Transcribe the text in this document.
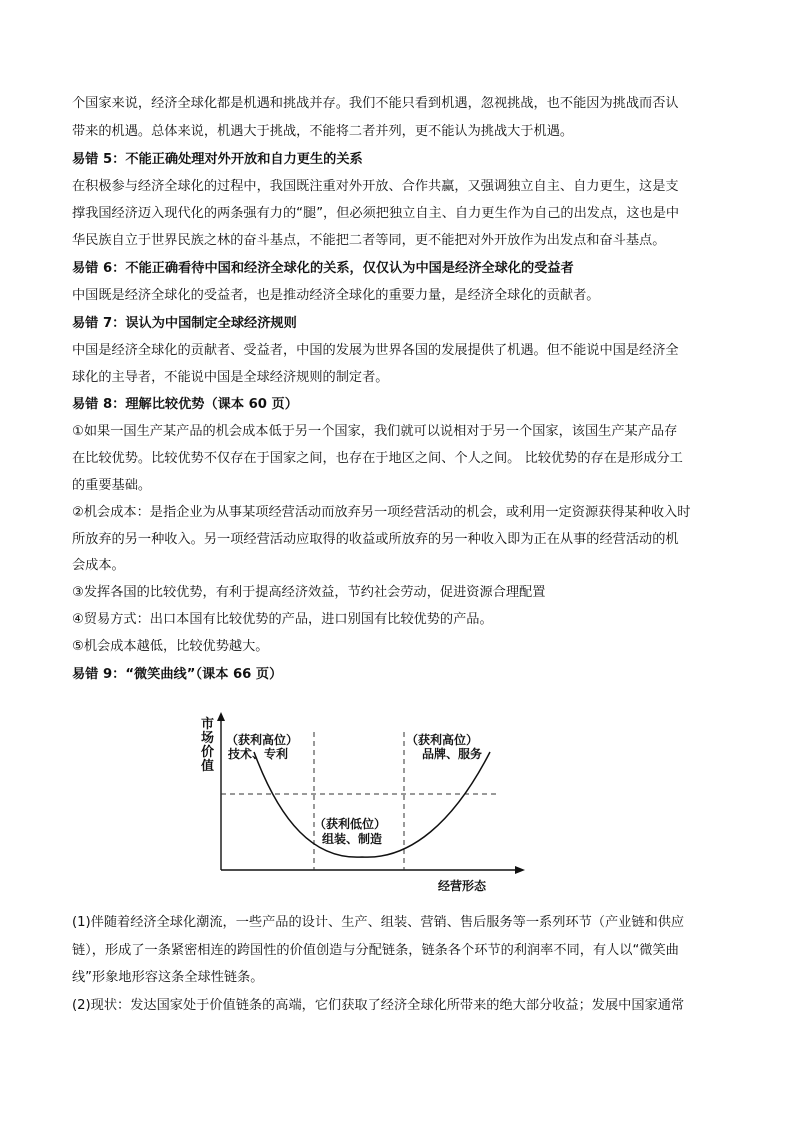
个国家来说，经济全球化都是机遇和挑战并存。我们不能只看到机遇，忽视挑战，也不能因为挑战而否认
带来的机遇。总体来说，机遇大于挑战，不能将二者并列，更不能认为挑战大于机遇。
易错 5：不能正确处理对外开放和自力更生的关系
在积极参与经济全球化的过程中，我国既注重对外开放、合作共赢，又强调独立自主、自力更生，这是支
撑我国经济迈入现代化的两条强有力的“腿”，但必须把独立自主、自力更生作为自己的出发点，这也是中
华民族自立于世界民族之林的奋斗基点，不能把二者等同，更不能把对外开放作为出发点和奋斗基点。
易错 6：不能正确看待中国和经济全球化的关系，仅仅认为中国是经济全球化的受益者
中国既是经济全球化的受益者，也是推动经济全球化的重要力量，是经济全球化的贡献者。
易错 7：误认为中国制定全球经济规则
中国是经济全球化的贡献者、受益者，中国的发展为世界各国的发展提供了机遇。但不能说中国是经济全
球化的主导者，不能说中国是全球经济规则的制定者。
易错 8：理解比较优势（课本 60 页）
①如果一国生产某产品的机会成本低于另一个国家，我们就可以说相对于另一个国家，该国生产某产品存
在比较优势。比较优势不仅存在于国家之间，也存在于地区之间、个人之间。 比较优势的存在是形成分工
的重要基础。
②机会成本：是指企业为从事某项经营活动而放弃另一项经营活动的机会，或利用一定资源获得某种收入时
所放弃的另一种收入。另一项经营活动应取得的收益或所放弃的另一种收入即为正在从事的经营活动的机
会成本。
③发挥各国的比较优势，有利于提高经济效益，节约社会劳动，促进资源合理配置
④贸易方式：出口本国有比较优势的产品，进口别国有比较优势的产品。
⑤机会成本越低，比较优势越大。
易错 9：“微笑曲线”（课本 66 页）
市
场
价
值
（获利高位）
技术、专利
（获利低位）
组装、制造
（获利高位）
品牌、服务
经营形态
(1)伴随着经济全球化潮流，一些产品的设计、生产、组装、营销、售后服务等一系列环节（产业链和供应
链），形成了一条紧密相连的跨国性的价值创造与分配链条，链条各个环节的利润率不同，有人以“微笑曲
线”形象地形容这条全球性链条。
(2)现状：发达国家处于价值链条的高端，它们获取了经济全球化所带来的绝大部分收益；发展中国家通常
